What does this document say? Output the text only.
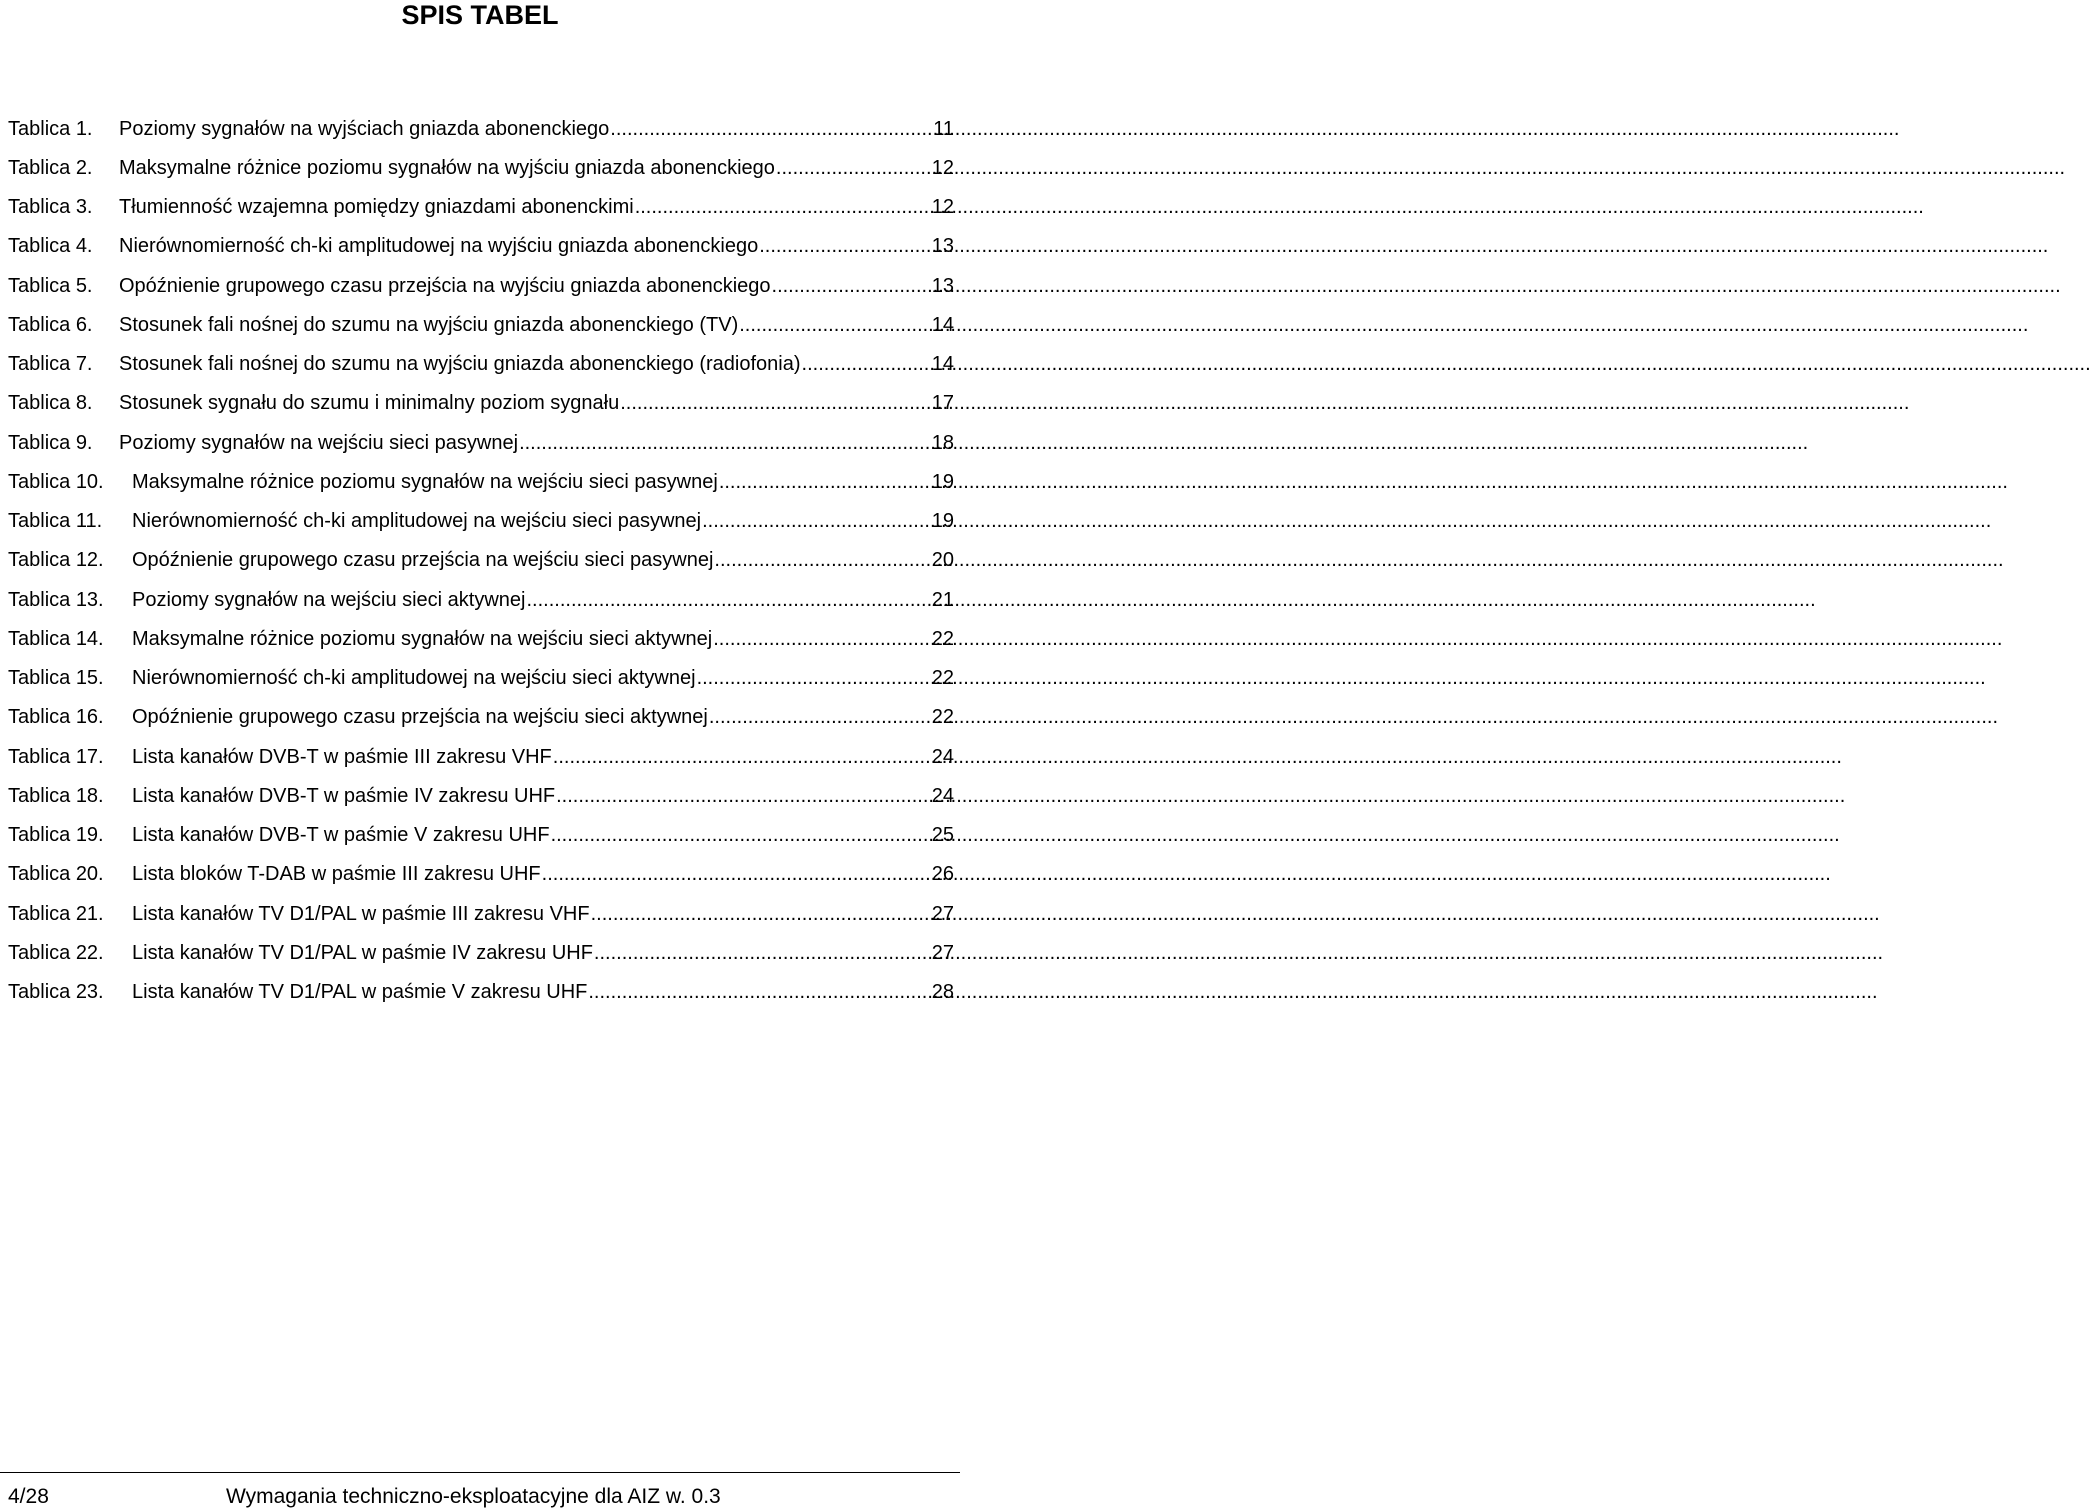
SPIS TABEL
Tablica 1.	Poziomy sygnałów na wyjściach gniazda abonenckiego .....	11
Tablica 2.	Maksymalne różnice poziomu sygnałów na wyjściu gniazda abonenckiego .....	12
Tablica 3.	Tłumienność wzajemna pomiędzy gniazdami abonenckimi .....	12
Tablica 4.	Nierównomierność ch-ki amplitudowej na wyjściu gniazda abonenckiego .....	13
Tablica 5.	Opóźnienie grupowego czasu przejścia na wyjściu gniazda abonenckiego .....	13
Tablica 6.	Stosunek fali nośnej do szumu na wyjściu gniazda abonenckiego (TV) .....	14
Tablica 7.	Stosunek fali nośnej do szumu na wyjściu gniazda abonenckiego (radiofonia) .....	14
Tablica 8.	Stosunek sygnału do szumu i minimalny poziom sygnału .....	17
Tablica 9.	Poziomy sygnałów na wejściu sieci pasywnej .....	18
Tablica 10.	Maksymalne różnice poziomu sygnałów na wejściu sieci pasywnej .....	19
Tablica 11.	Nierównomierność ch-ki amplitudowej na wejściu sieci pasywnej .....	19
Tablica 12.	Opóźnienie grupowego czasu przejścia na wejściu sieci pasywnej .....	20
Tablica 13.	Poziomy sygnałów na wejściu sieci aktywnej .....	21
Tablica 14.	Maksymalne różnice poziomu sygnałów na wejściu sieci aktywnej .....	22
Tablica 15.	Nierównomierność ch-ki amplitudowej na wejściu sieci aktywnej .....	22
Tablica 16.	Opóźnienie grupowego czasu przejścia na wejściu sieci aktywnej .....	22
Tablica 17.	Lista kanałów DVB-T w paśmie III zakresu VHF .....	24
Tablica 18.	Lista kanałów DVB-T w paśmie IV zakresu UHF .....	24
Tablica 19.	Lista kanałów DVB-T w paśmie V zakresu UHF .....	25
Tablica 20.	Lista bloków T-DAB w paśmie III zakresu UHF .....	26
Tablica 21.	Lista kanałów TV D1/PAL w paśmie III zakresu VHF .....	27
Tablica 22.	Lista kanałów TV D1/PAL w paśmie IV zakresu UHF .....	27
Tablica 23.	Lista kanałów TV D1/PAL w paśmie V zakresu UHF .....	28
4/28	Wymagania techniczno-eksploatacyjne dla AIZ w. 0.3
